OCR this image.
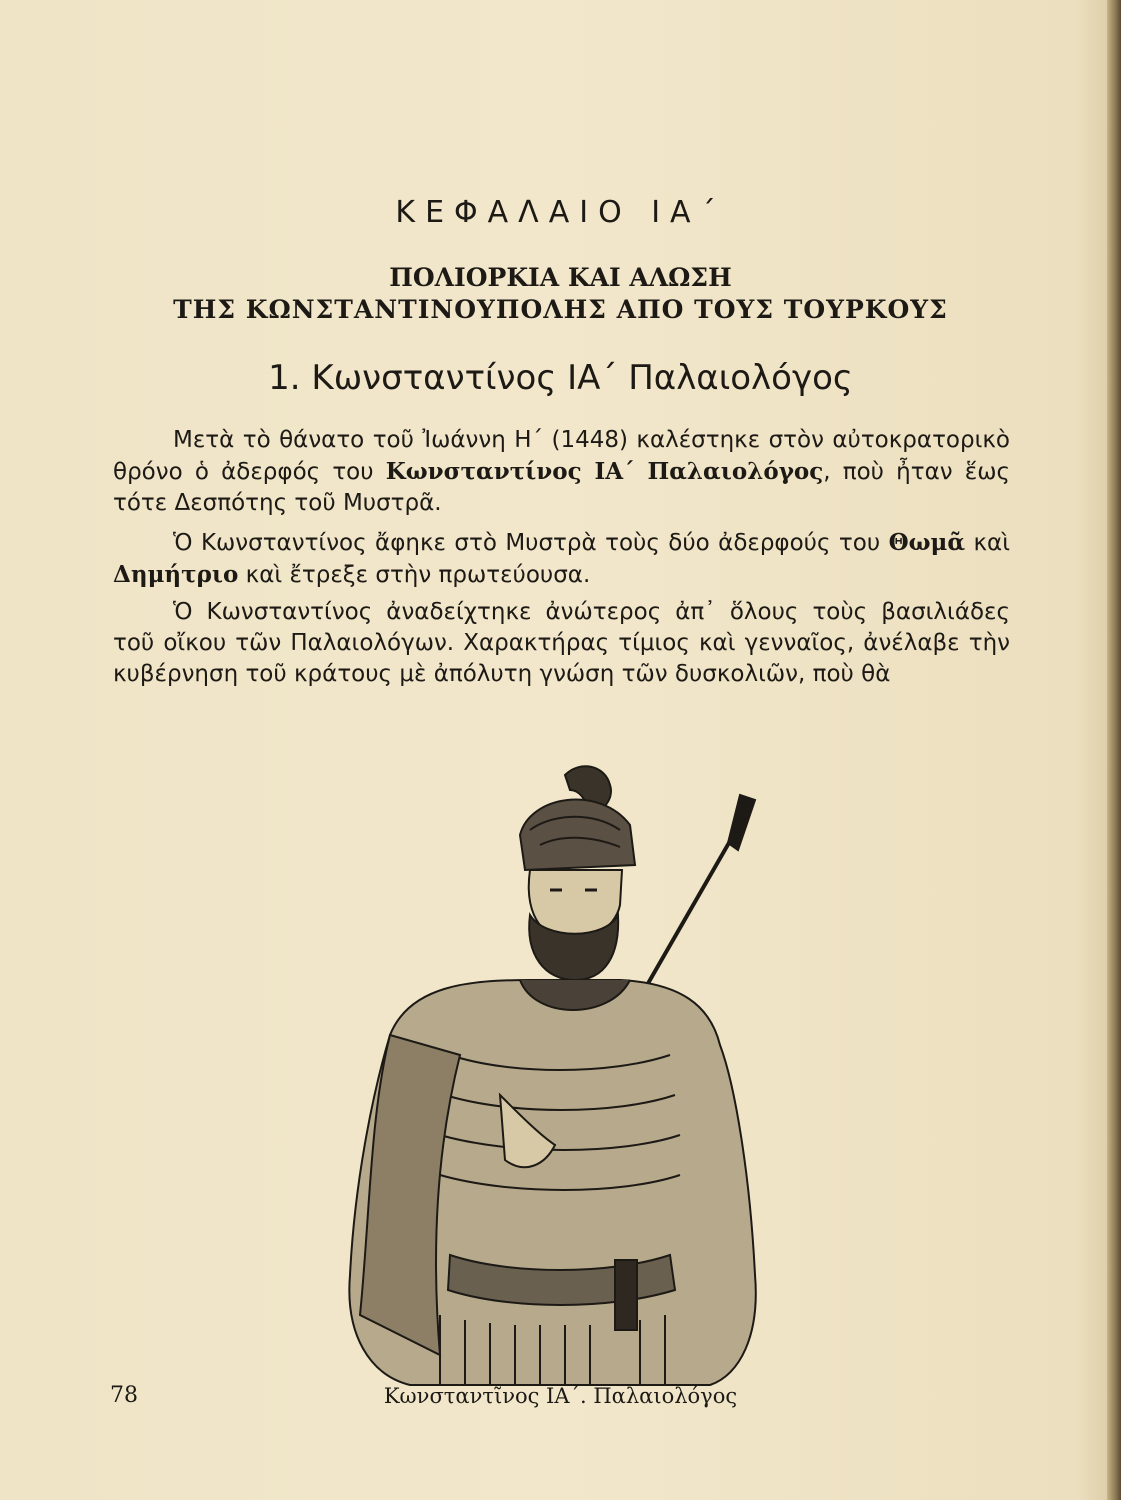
ΚΕΦΑΛΑΙΟ ΙΑ΄
ΠΟΛΙΟΡΚΙΑ ΚΑΙ ΑΛΩΣΗ
ΤΗΣ ΚΩΝΣΤΑΝΤΙΝΟΥΠΟΛΗΣ ΑΠΟ ΤΟΥΣ ΤΟΥΡΚΟΥΣ
1. Κωνσταντίνος ΙΑ΄ Παλαιολόγος

Μετὰ τὸ θάνατο τοῦ Ἰωάννη Η΄ (1448) καλέστηκε στὸν αὐτοκρατορικὸ θρόνο ὁ ἀδερφός του Κωνσταντίνος ΙΑ΄ Παλαιολόγος, ποὺ ἦταν ἕως τότε Δεσπότης τοῦ Μυστρᾶ.

Ὁ Κωνσταντίνος ἄφηκε στὸ Μυστρὰ τοὺς δύο ἀδερφούς του Θωμᾶ καὶ Δημήτριο καὶ ἔτρεξε στὴν πρωτεύουσα.

Ὁ Κωνσταντίνος ἀναδείχτηκε ἀνώτερος ἀπ᾽ ὅλους τοὺς βασιλιάδες τοῦ οἴκου τῶν Παλαιολόγων. Χαρακτήρας τίμιος καὶ γενναῖος, ἀνέλαβε τὴν κυβέρνηση τοῦ κράτους μὲ ἀπόλυτη γνώση τῶν δυσκολιῶν, ποὺ θὰ

78	Κωνσταντῖνος ΙΑ΄. Παλαιολόγος
